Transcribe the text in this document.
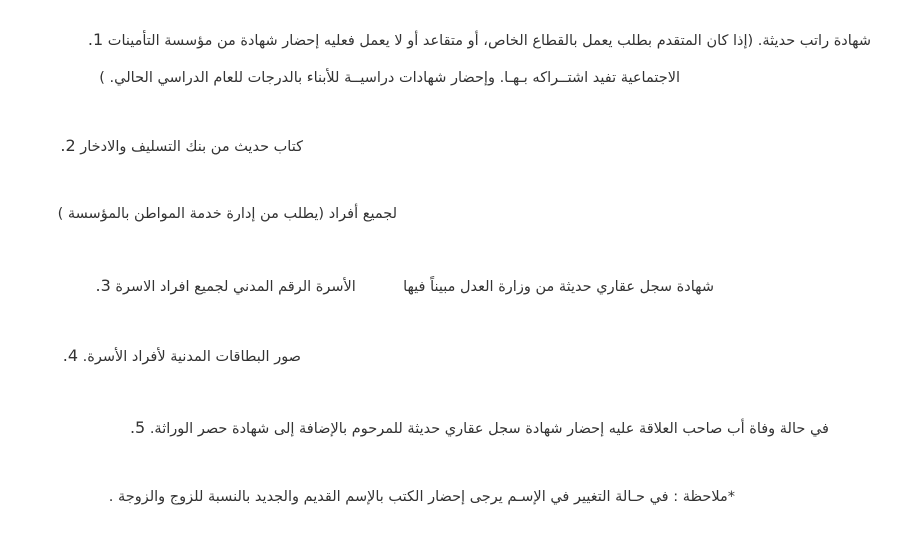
شهادة راتب حديثة. (إذا كان المتقدم بطلب يعمل بالقطاع الخاص، أو متقاعد أو لا يعمل فعليه إحضار شهادة من مؤسسة التأمينات 1.
الاجتماعية تفيد اشتــراكه بـهـا. وإحضار شهادات دراسيــة للأبناء بالدرجات للعام الدراسي الحالي. )
كتاب حديث من بنك التسليف والادخار 2.
لجميع أفراد (يطلب من إدارة خدمة المواطن بالمؤسسة )
شهادة سجل عقاري حديثة من وزارة العدل مبيناً فيها  الأسرة الرقم المدني لجميع افراد الاسرة 3.
صور البطاقات المدنية لأفراد الأسرة. 4.
في حالة وفاة أب صاحب العلاقة عليه إحضار شهادة سجل عقاري حديثة للمرحوم بالإضافة إلى شهادة حصر الوراثة. 5.
*ملاحظة : في حـالة التغيير في الإسـم يرجى إحضار الكتب بالإسم القديم والجديد بالنسبة للزوج والزوجة .
